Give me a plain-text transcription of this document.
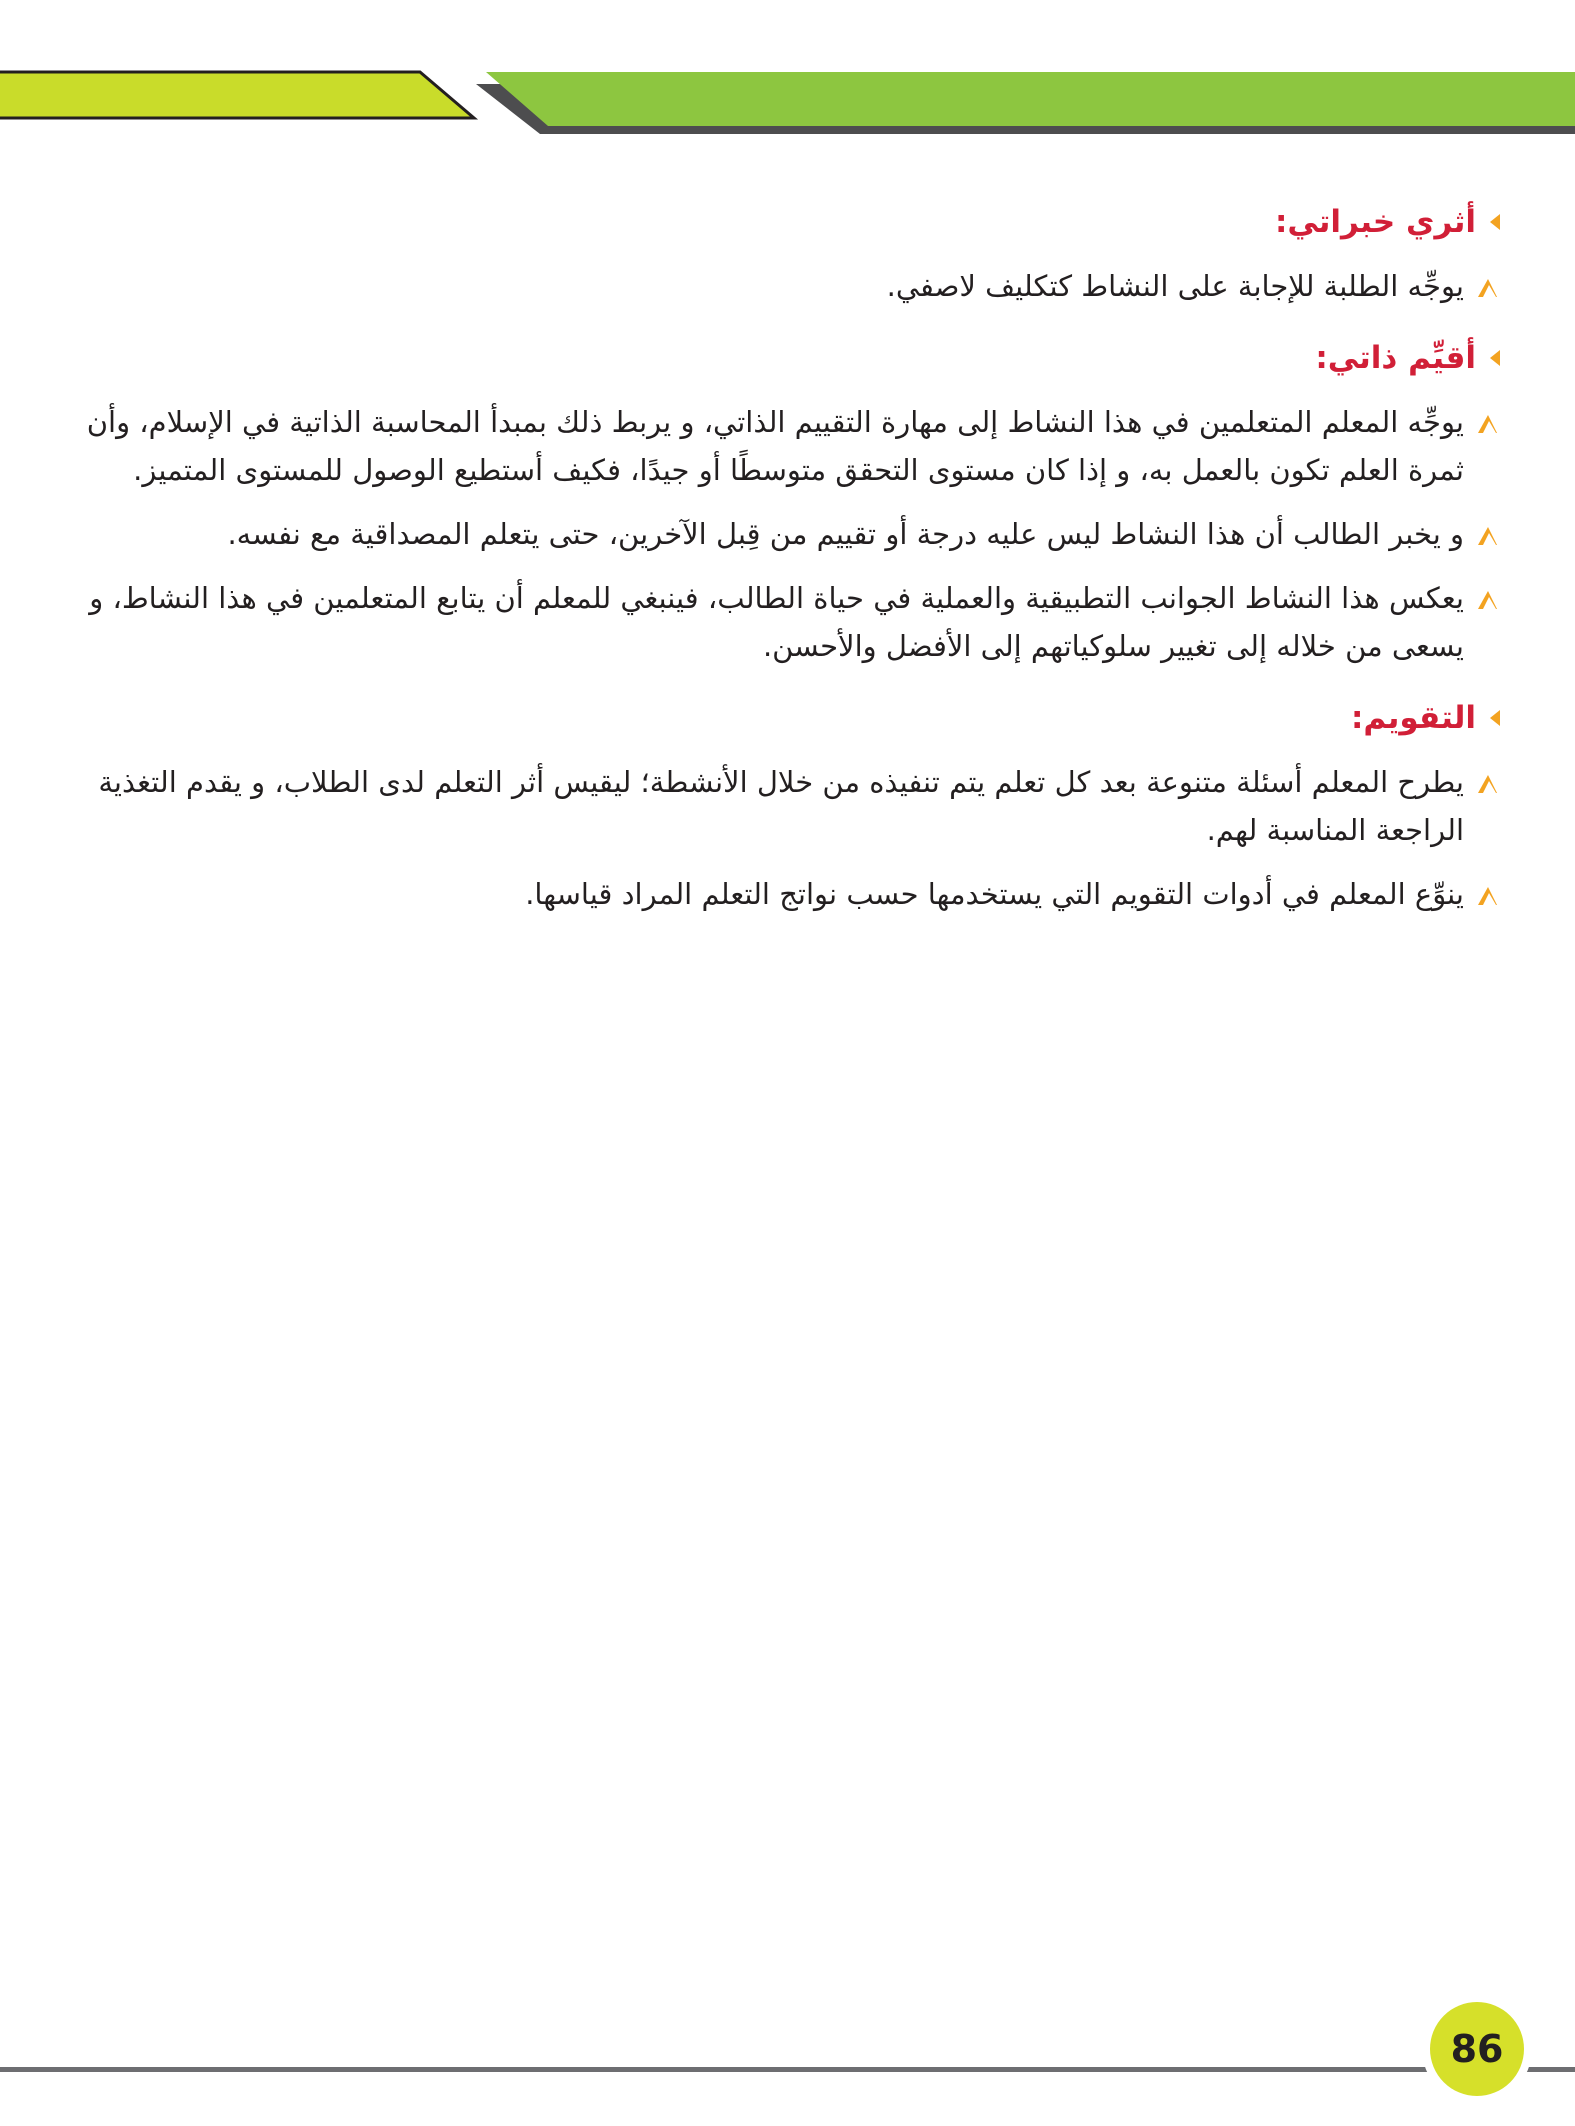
أثري خبراتي:
يوجِّه الطلبة للإجابة على النشاط كتكليف لاصفي.
أقيِّم ذاتي:
يوجِّه المعلم المتعلمين في هذا النشاط إلى مهارة التقييم الذاتي، و يربط ذلك بمبدأ المحاسبة الذاتية في الإسلام، وأن ثمرة العلم تكون بالعمل به، و إذا كان مستوى التحقق متوسطًا أو جيدًا، فكيف أستطيع الوصول للمستوى المتميز.
و يخبر الطالب أن هذا النشاط ليس عليه درجة أو تقييم من قِبل الآخرين، حتى يتعلم المصداقية مع نفسه.
يعكس هذا النشاط الجوانب التطبيقية والعملية في حياة الطالب، فينبغي للمعلم أن يتابع المتعلمين في هذا النشاط، و يسعى من خلاله إلى تغيير سلوكياتهم إلى الأفضل والأحسن.
التقويم:
يطرح المعلم أسئلة متنوعة بعد كل تعلم يتم تنفيذه من خلال الأنشطة؛ ليقيس أثر التعلم لدى الطلاب، و يقدم التغذية الراجعة المناسبة لهم.
ينوِّع المعلم في أدوات التقويم التي يستخدمها حسب نواتج التعلم المراد قياسها.
86
